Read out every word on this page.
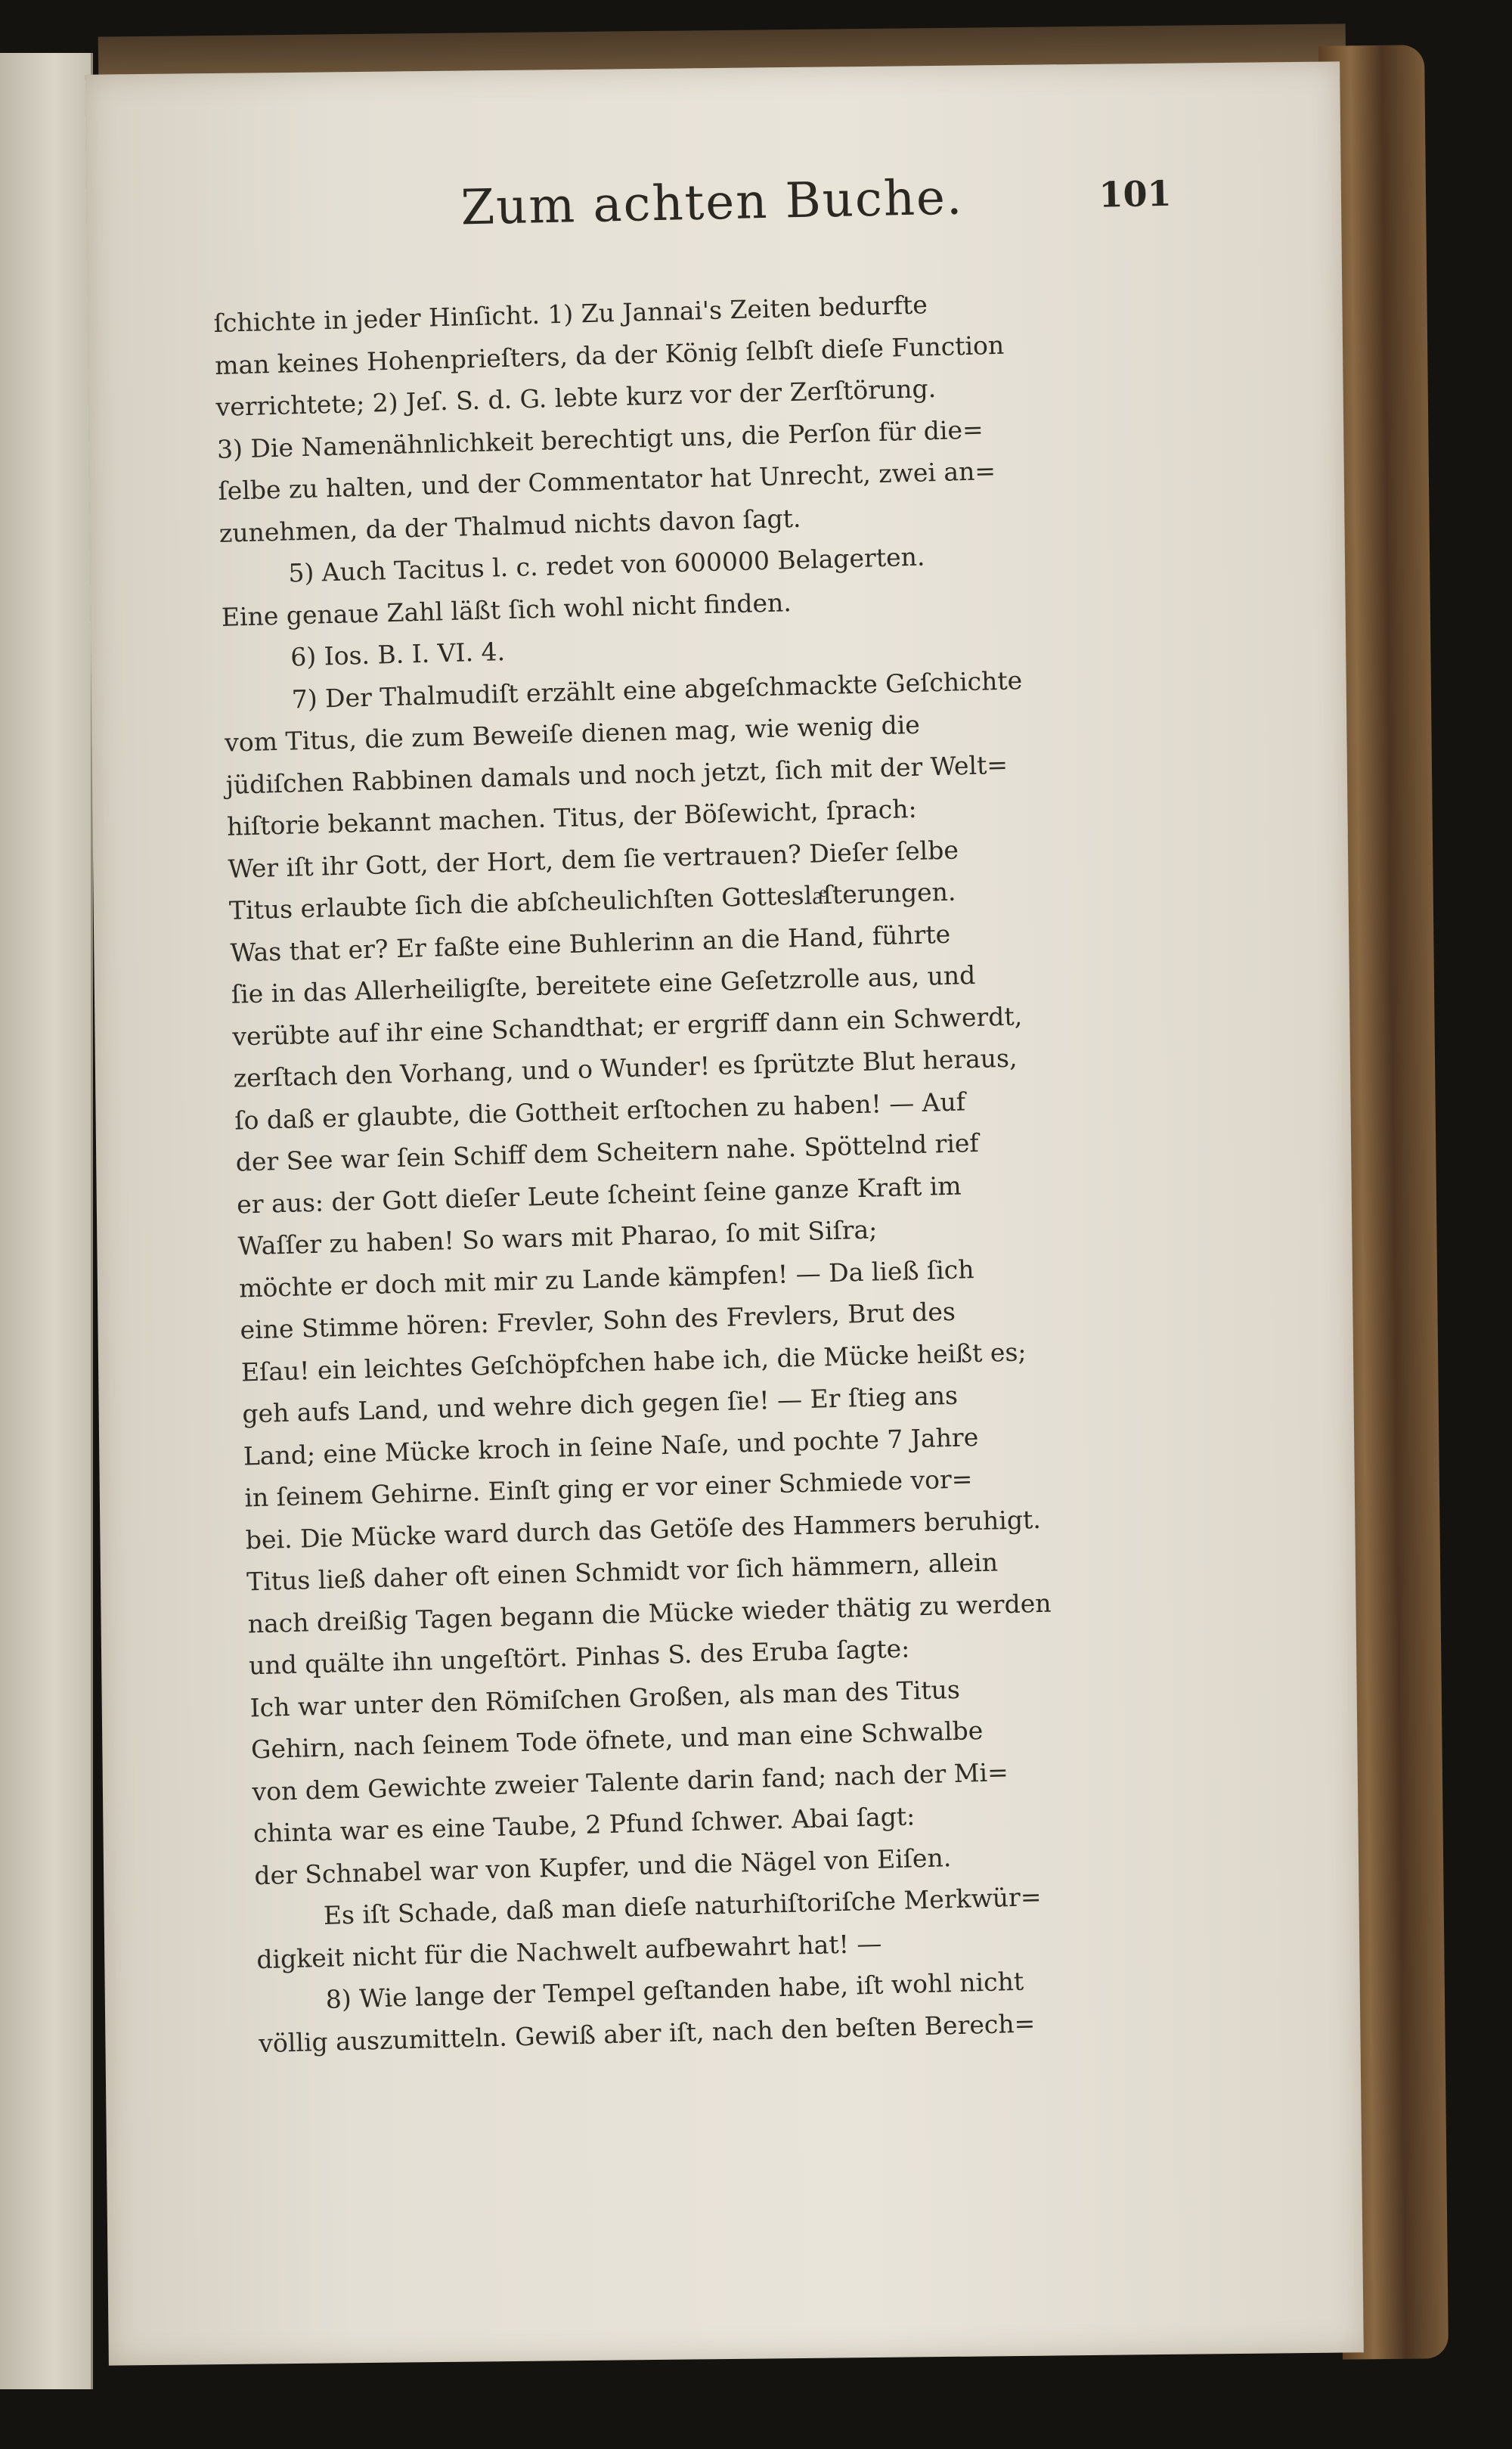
Zum achten Buche.	101
ſchichte in jeder Hinſicht. 1) Zu Jannai's Zeiten bedurfte
man keines Hohenprieſters, da der König ſelbſt dieſe Function
verrichtete; 2) Jeſ. S. d. G. lebte kurz vor der Zerſtörung.
3) Die Namenähnlichkeit berechtigt uns, die Perſon für die=
ſelbe zu halten, und der Commentator hat Unrecht, zwei an=
zunehmen, da der Thalmud nichts davon ſagt.
5) Auch Tacitus l. c. redet von 600000 Belagerten.
Eine genaue Zahl läßt ſich wohl nicht finden.
6) Ios. B. I. VI. 4.
7) Der Thalmudiſt erzählt eine abgeſchmackte Geſchichte
vom Titus, die zum Beweiſe dienen mag, wie wenig die
jüdiſchen Rabbinen damals und noch jetzt, ſich mit der Welt=
hiſtorie bekannt machen. Titus, der Böſewicht, ſprach:
Wer iſt ihr Gott, der Hort, dem ſie vertrauen? Dieſer ſelbe
Titus erlaubte ſich die abſcheulichſten Gotteslaͤſterungen.
Was that er? Er faßte eine Buhlerinn an die Hand, führte
ſie in das Allerheiligſte, bereitete eine Geſetzrolle aus, und
verübte auf ihr eine Schandthat; er ergriff dann ein Schwerdt,
zerſtach den Vorhang, und o Wunder! es ſprützte Blut heraus,
ſo daß er glaubte, die Gottheit erſtochen zu haben! — Auf
der See war ſein Schiff dem Scheitern nahe. Spöttelnd rief
er aus: der Gott dieſer Leute ſcheint ſeine ganze Kraft im
Waſſer zu haben! So wars mit Pharao, ſo mit Siſra;
möchte er doch mit mir zu Lande kämpfen! — Da ließ ſich
eine Stimme hören: Frevler, Sohn des Frevlers, Brut des
Eſau! ein leichtes Geſchöpfchen habe ich, die Mücke heißt es;
geh aufs Land, und wehre dich gegen ſie! — Er ſtieg ans
Land; eine Mücke kroch in ſeine Naſe, und pochte 7 Jahre
in ſeinem Gehirne. Einſt ging er vor einer Schmiede vor=
bei. Die Mücke ward durch das Getöſe des Hammers beruhigt.
Titus ließ daher oft einen Schmidt vor ſich hämmern, allein
nach dreißig Tagen begann die Mücke wieder thätig zu werden
und quälte ihn ungeſtört. Pinhas S. des Eruba ſagte:
Ich war unter den Römiſchen Großen, als man des Titus
Gehirn, nach ſeinem Tode öfnete, und man eine Schwalbe
von dem Gewichte zweier Talente darin fand; nach der Mi=
chinta war es eine Taube, 2 Pfund ſchwer. Abai ſagt:
der Schnabel war von Kupfer, und die Nägel von Eiſen.
Es iſt Schade, daß man dieſe naturhiſtoriſche Merkwür=
digkeit nicht für die Nachwelt aufbewahrt hat! —
8) Wie lange der Tempel geſtanden habe, iſt wohl nicht
völlig auszumitteln. Gewiß aber iſt, nach den beſten Berech=
